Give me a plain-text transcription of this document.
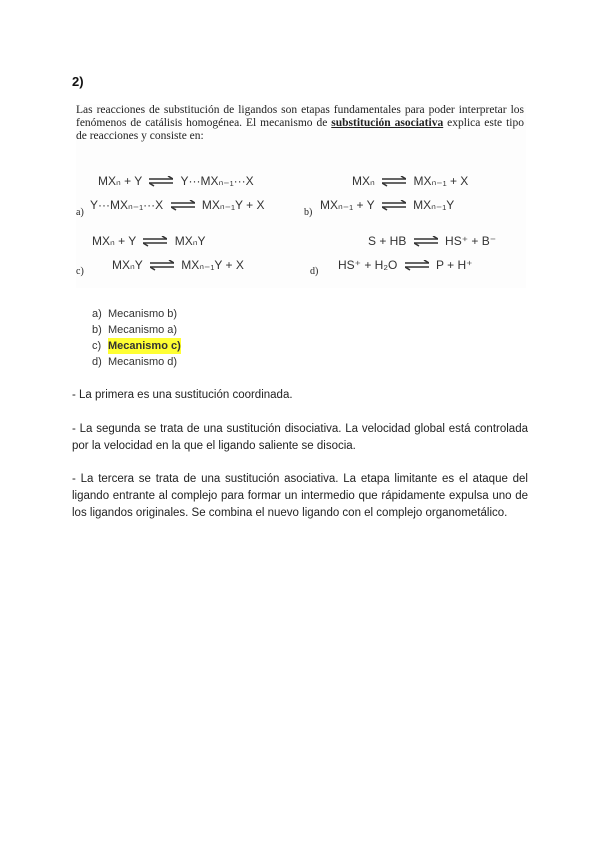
2)
Las reacciones de substitución de ligandos son etapas fundamentales para poder interpretar los fenómenos de catálisis homogénea. El mecanismo de substitución asociativa explica este tipo de reacciones y consiste en:
MXₙ + Y	Y···MXₙ₋₁···X
a)
Y···MXₙ₋₁···X	MXₙ₋₁Y + X
MXₙ	MXₙ₋₁ + X
b)
MXₙ₋₁ + Y	MXₙ₋₁Y
MXₙ + Y	MXₙY
c) MXₙY	MXₙ₋₁Y + X
S + HB	HS⁺ + B⁻
d) HS⁺ + H₂O	P + H⁺
a) Mecanismo b)
b) Mecanismo a)
c) Mecanismo c)
d) Mecanismo d)
- La primera es una sustitución coordinada.
- La segunda se trata de una sustitución disociativa. La velocidad global está controlada por la velocidad en la que el ligando saliente se disocia.
- La tercera se trata de una sustitución asociativa. La etapa limitante es el ataque del ligando entrante al complejo para formar un intermedio que rápidamente expulsa uno de los ligandos originales. Se combina el nuevo ligando con el complejo organometálico.
